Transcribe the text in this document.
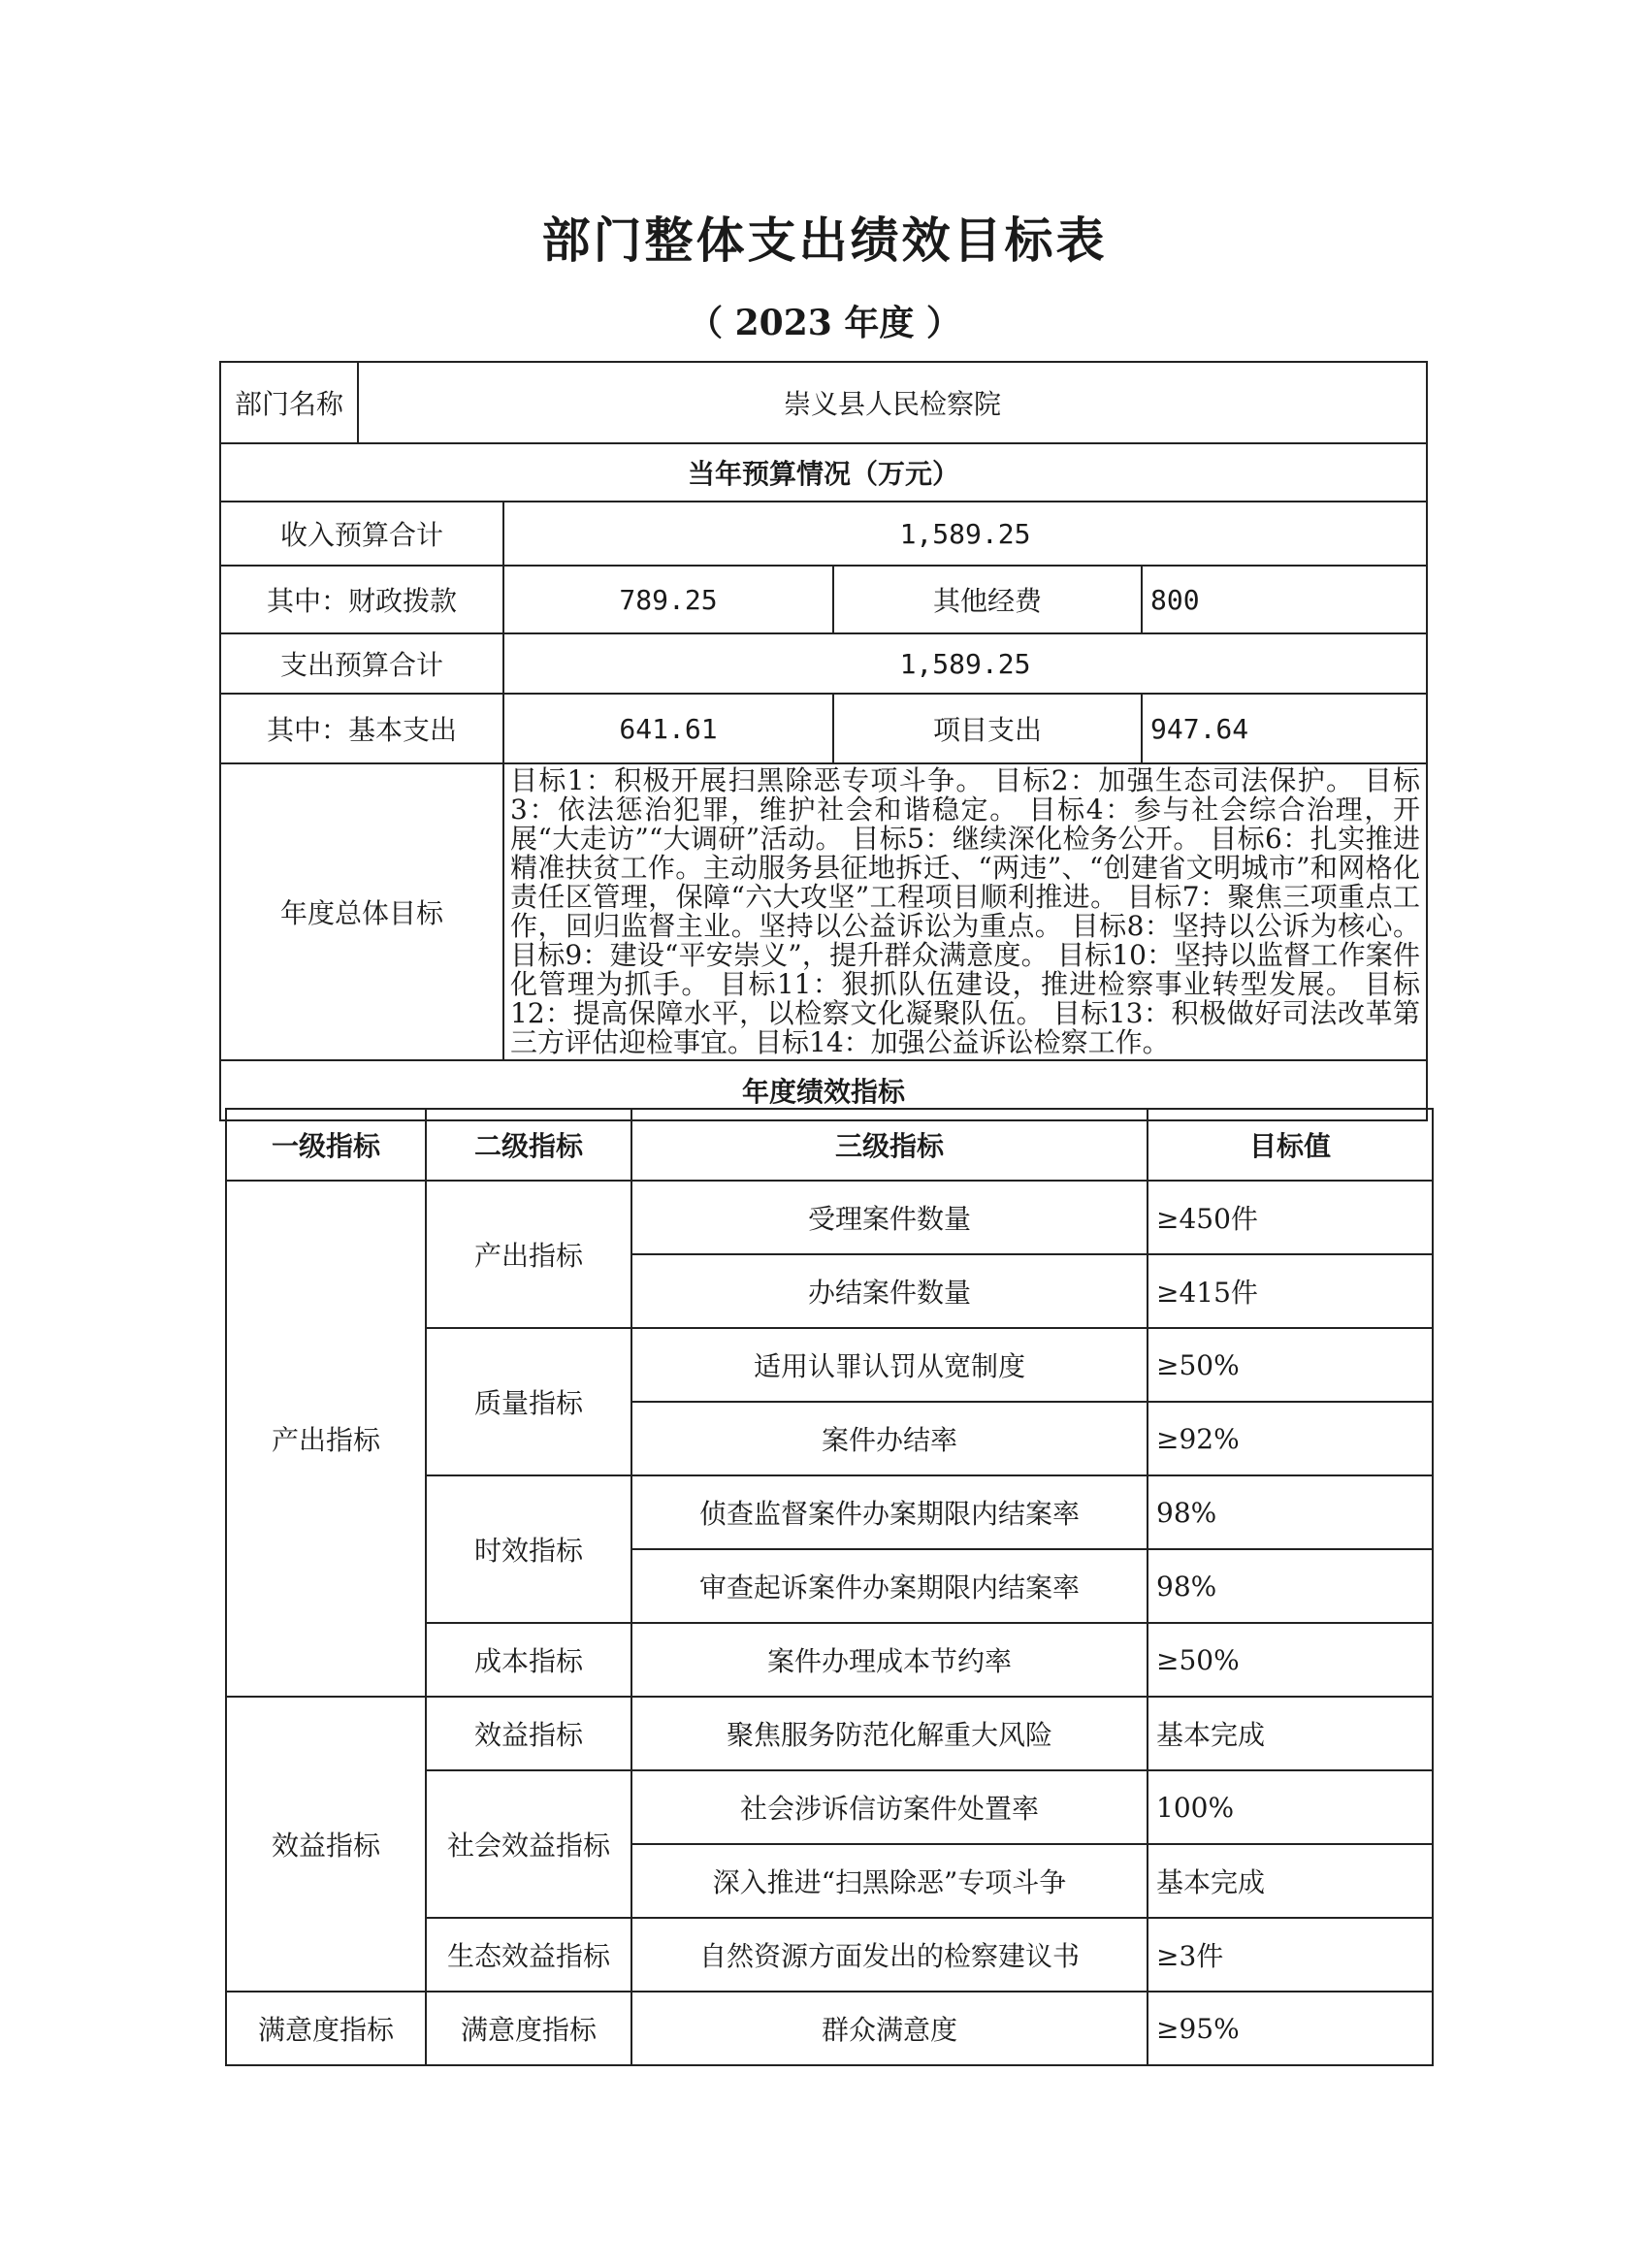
部门整体支出绩效目标表
（ 2023 年度 ）
部门名称	崇义县人民检察院			
当年预算情况（万元）				
收入预算合计		1,589.25		
其中：财政拨款		789.25	其他经费	800
支出预算合计		1,589.25		
其中：基本支出		641.61	项目支出	947.64
年度总体目标		目标1：积极开展扫黑除恶专项斗争。 目标2：加强生态司法保护。 目标3：依法惩治犯罪，维护社会和谐稳定。 目标4：参与社会综合治理，开展“大走访”“大调研”活动。 目标5：继续深化检务公开。 目标6：扎实推进精准扶贫工作。主动服务县征地拆迁、“两违”、“创建省文明城市”和网格化责任区管理，保障“六大攻坚”工程项目顺利推进。 目标7：聚焦三项重点工作，回归监督主业。坚持以公益诉讼为重点。 目标8：坚持以公诉为核心。 目标9：建设“平安崇义”，提升群众满意度。 目标10：坚持以监督工作案件化管理为抓手。 目标11：狠抓队伍建设，推进检察事业转型发展。 目标12：提高保障水平，以检察文化凝聚队伍。 目标13：积极做好司法改革第三方评估迎检事宜。目标14：加强公益诉讼检察工作。		
年度绩效指标				
一级指标	二级指标	三级指标	目标值
产出指标	产出指标	受理案件数量	≥450件
		办结案件数量	≥415件
	质量指标	适用认罪认罚从宽制度	≥50%
		案件办结率	≥92%
	时效指标	侦查监督案件办案期限内结案率	98%
		审查起诉案件办案期限内结案率	98%
	成本指标	案件办理成本节约率	≥50%
效益指标	效益指标	聚焦服务防范化解重大风险	基本完成
	社会效益指标	社会涉诉信访案件处置率	100%
		深入推进“扫黑除恶”专项斗争	基本完成
	生态效益指标	自然资源方面发出的检察建议书	≥3件
满意度指标	满意度指标	群众满意度	≥95%
